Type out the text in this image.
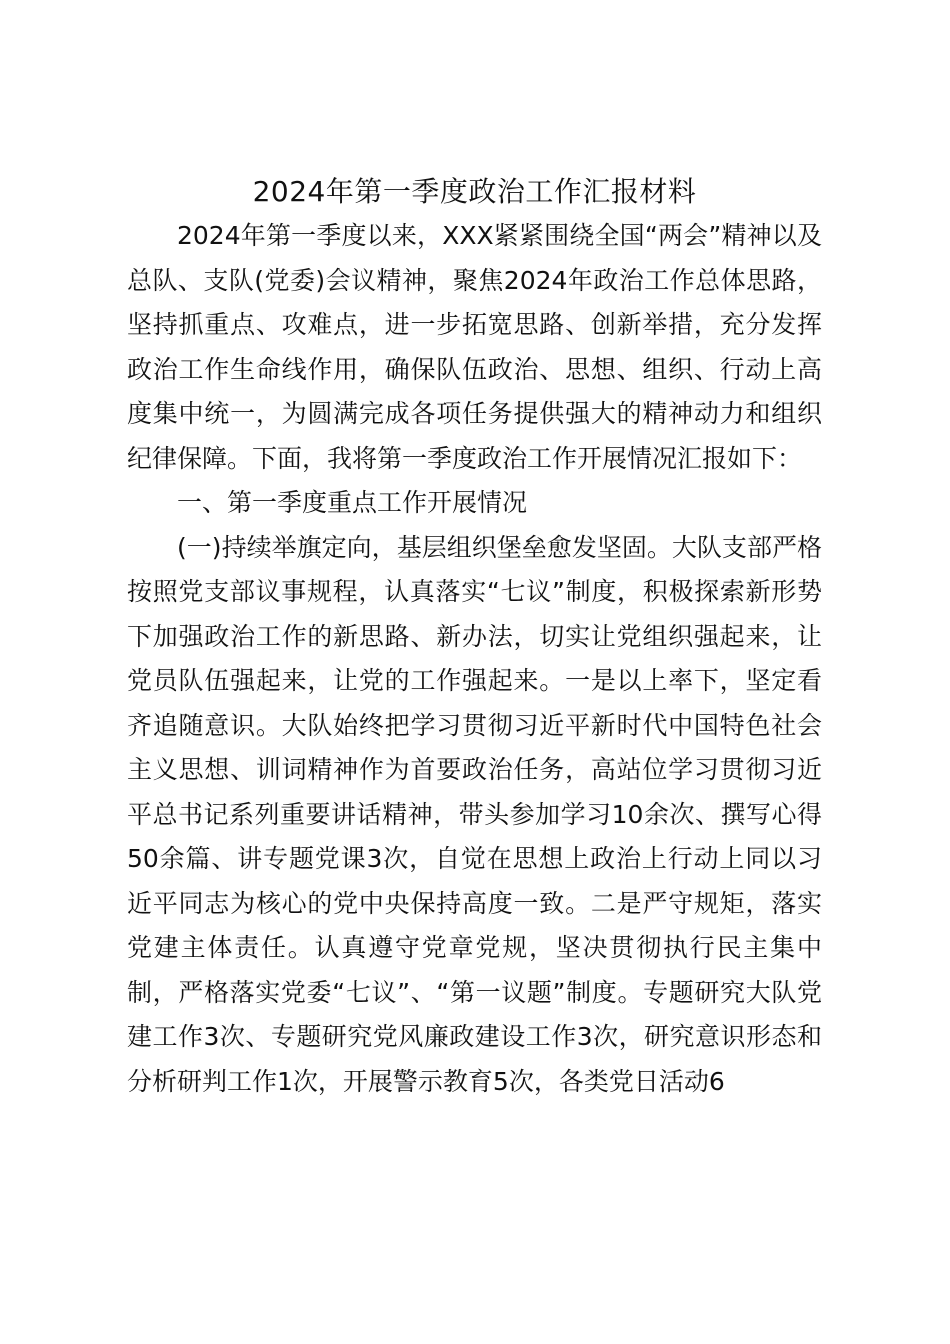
2024年第一季度政治工作汇报材料

2024年第一季度以来，XXX紧紧围绕全国“两会”精神以及总队、支队(党委)会议精神，聚焦2024年政治工作总体思路，坚持抓重点、攻难点，进一步拓宽思路、创新举措，充分发挥政治工作生命线作用，确保队伍政治、思想、组织、行动上高度集中统一，为圆满完成各项任务提供强大的精神动力和组织纪律保障。下面，我将第一季度政治工作开展情况汇报如下：

一、第一季度重点工作开展情况

(一)持续举旗定向，基层组织堡垒愈发坚固。大队支部严格按照党支部议事规程，认真落实“七议”制度，积极探索新形势下加强政治工作的新思路、新办法，切实让党组织强起来，让党员队伍强起来，让党的工作强起来。一是以上率下，坚定看齐追随意识。大队始终把学习贯彻习近平新时代中国特色社会主义思想、训词精神作为首要政治任务，高站位学习贯彻习近平总书记系列重要讲话精神，带头参加学习10余次、撰写心得50余篇、讲专题党课3次，自觉在思想上政治上行动上同以习近平同志为核心的党中央保持高度一致。二是严守规矩，落实党建主体责任。认真遵守党章党规，坚决贯彻执行民主集中制，严格落实党委“七议”、“第一议题”制度。专题研究大队党建工作3次、专题研究党风廉政建设工作3次，研究意识形态和分析研判工作1次，开展警示教育5次，各类党日活动6
